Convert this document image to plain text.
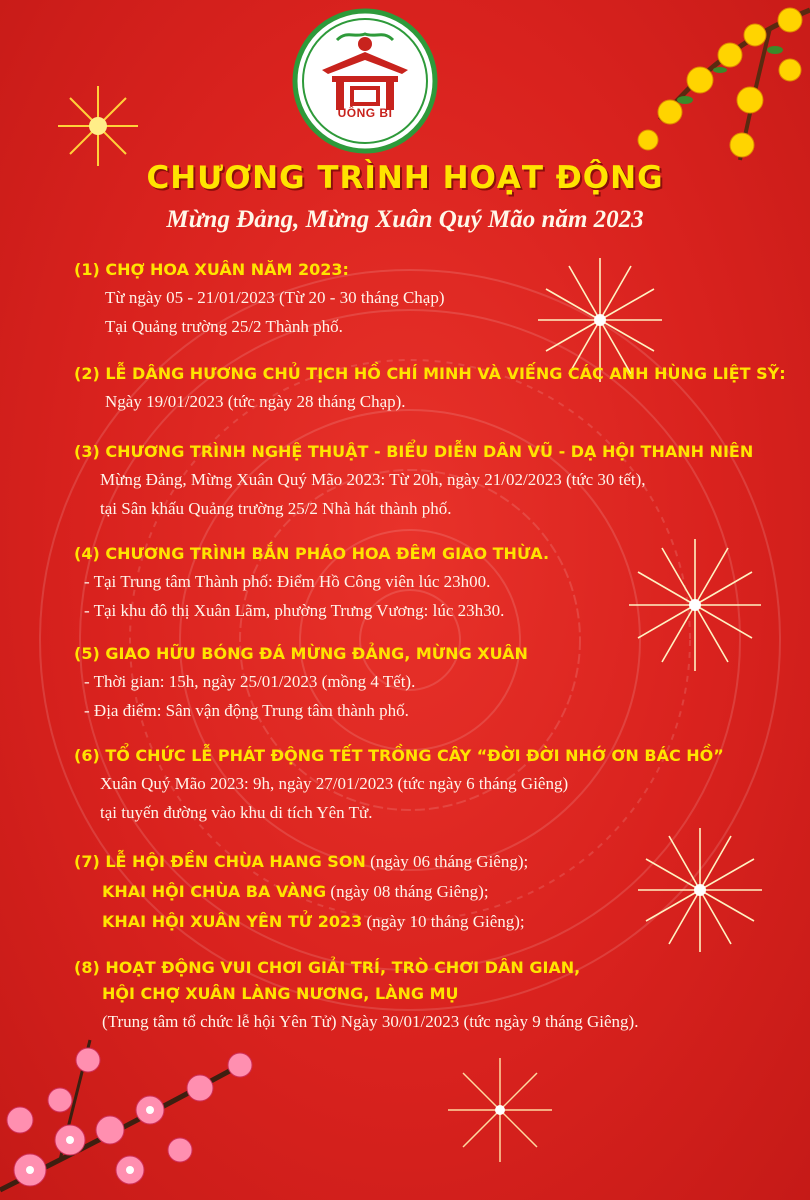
UÔNG BÍ
CHƯƠNG TRÌNH HOẠT ĐỘNG
Mừng Đảng, Mừng Xuân Quý Mão năm 2023
(1) CHỢ HOA XUÂN NĂM 2023:
Từ ngày 05 - 21/01/2023 (Từ 20 - 30 tháng Chạp)
Tại Quảng trường 25/2 Thành phố.
(2) LỄ DÂNG HƯƠNG CHỦ TỊCH HỒ CHÍ MINH VÀ VIẾNG CÁC ANH HÙNG LIỆT SỸ:
Ngày 19/01/2023 (tức ngày 28 tháng Chạp).
(3) CHƯƠNG TRÌNH NGHỆ THUẬT - BIỂU DIỄN DÂN VŨ - DẠ HỘI THANH NIÊN
Mừng Đảng, Mừng Xuân Quý Mão 2023: Từ 20h, ngày 21/02/2023 (tức 30 tết),
tại Sân khấu Quảng trường 25/2 Nhà hát thành phố.
(4) CHƯƠNG TRÌNH BẮN PHÁO HOA ĐÊM GIAO THỪA.
- Tại Trung tâm Thành phố: Điểm Hồ Công viên lúc 23h00.
- Tại khu đô thị Xuân Lãm, phường Trưng Vương: lúc 23h30.
(5) GIAO HỮU BÓNG ĐÁ MỪNG ĐẢNG, MỪNG XUÂN
- Thời gian: 15h, ngày 25/01/2023 (mồng 4 Tết).
- Địa điểm: Sân vận động Trung tâm thành phố.
(6) TỔ CHỨC LỄ PHÁT ĐỘNG TẾT TRỒNG CÂY “ĐỜI ĐỜI NHỚ ƠN BÁC HỒ”
Xuân Quý Mão 2023: 9h, ngày 27/01/2023 (tức ngày 6 tháng Giêng)
tại tuyến đường vào khu di tích Yên Tử.
(7) LỄ HỘI ĐỀN CHÙA HANG SON (ngày 06 tháng Giêng);
KHAI HỘI CHÙA BA VÀNG (ngày 08 tháng Giêng);
KHAI HỘI XUÂN YÊN TỬ 2023 (ngày 10 tháng Giêng);
(8) HOẠT ĐỘNG VUI CHƠI GIẢI TRÍ, TRÒ CHƠI DÂN GIAN,
HỘI CHỢ XUÂN LÀNG NƯƠNG, LÀNG MỤ
(Trung tâm tổ chức lễ hội Yên Tử) Ngày 30/01/2023 (tức ngày 9 tháng Giêng).
